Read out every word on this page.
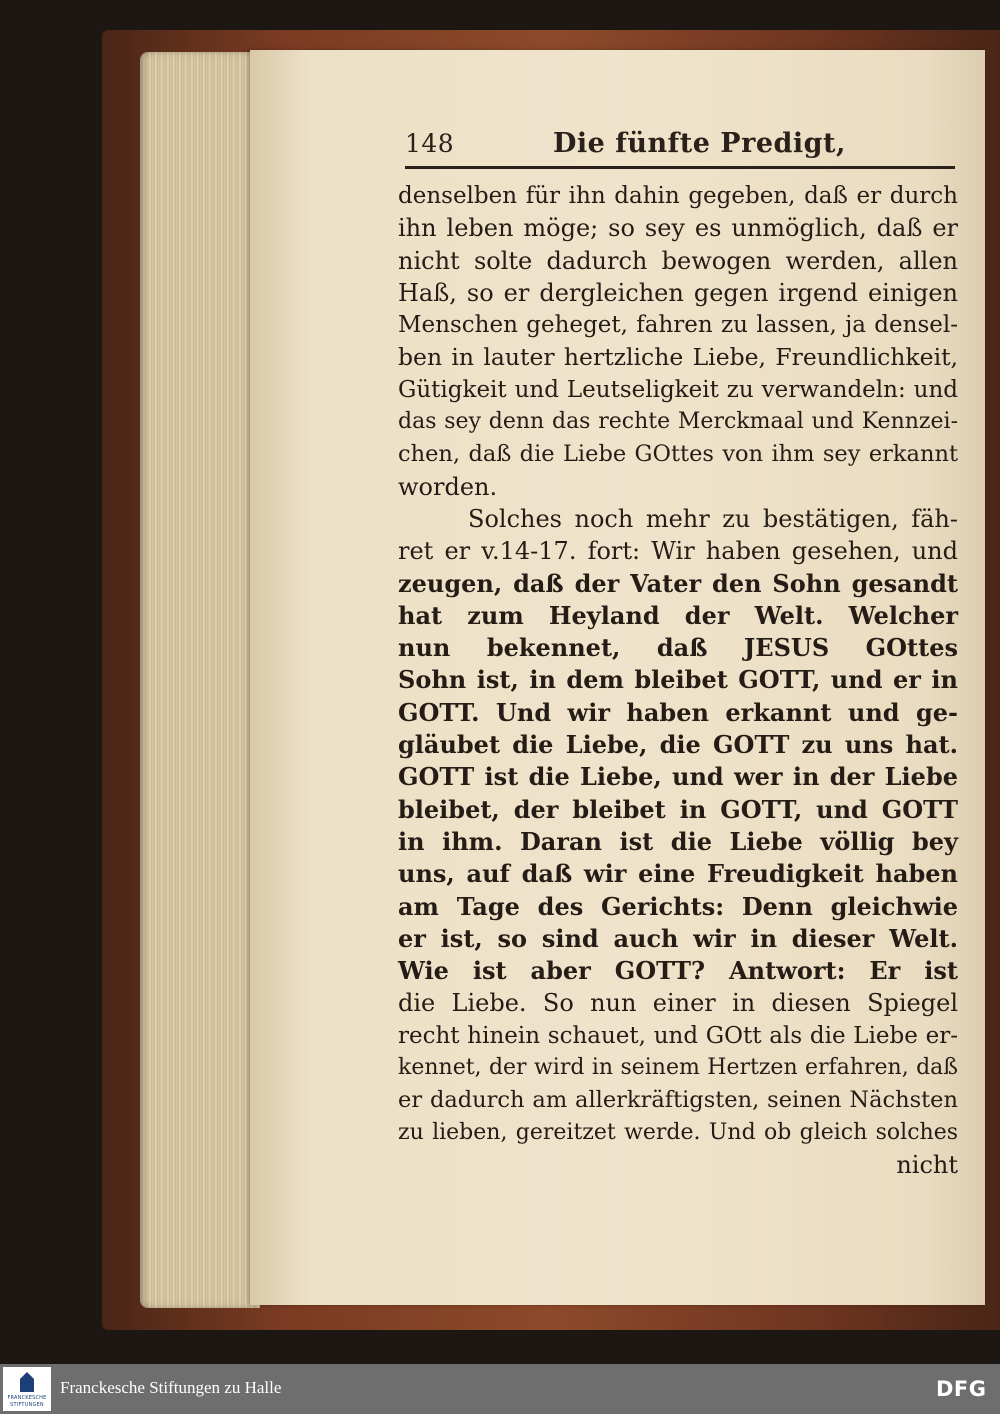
148	Die fünfte Predigt,
denselben für ihn dahin gegeben, daß er durch
ihn leben möge; so sey es unmöglich, daß er
nicht solte dadurch bewogen werden, allen
Haß, so er dergleichen gegen irgend einigen
Menschen geheget, fahren zu lassen, ja densel-
ben in lauter hertzliche Liebe, Freundlichkeit,
Gütigkeit und Leutseligkeit zu verwandeln: und
das sey denn das rechte Merckmaal und Kennzei-
chen, daß die Liebe GOttes von ihm sey erkannt
worden.
Solches noch mehr zu bestätigen, fäh-
ret er v.14-17. fort: Wir haben gesehen, und
zeugen, daß der Vater den Sohn gesandt
hat zum Heyland der Welt. Welcher
nun bekennet, daß JESUS GOttes
Sohn ist, in dem bleibet GOTT, und er in
GOTT. Und wir haben erkannt und ge-
gläubet die Liebe, die GOTT zu uns hat.
GOTT ist die Liebe, und wer in der Liebe
bleibet, der bleibet in GOTT, und GOTT
in ihm. Daran ist die Liebe völlig bey
uns, auf daß wir eine Freudigkeit haben
am Tage des Gerichts: Denn gleichwie
er ist, so sind auch wir in dieser Welt.
Wie ist aber GOTT? Antwort: Er ist
die Liebe. So nun einer in diesen Spiegel
recht hinein schauet, und GOtt als die Liebe er-
kennet, der wird in seinem Hertzen erfahren, daß
er dadurch am allerkräftigsten, seinen Nächsten
zu lieben, gereitzet werde. Und ob gleich solches
nicht
FRANCKESCHE
STIFTUNGEN
Franckesche Stiftungen zu Halle	DFG
